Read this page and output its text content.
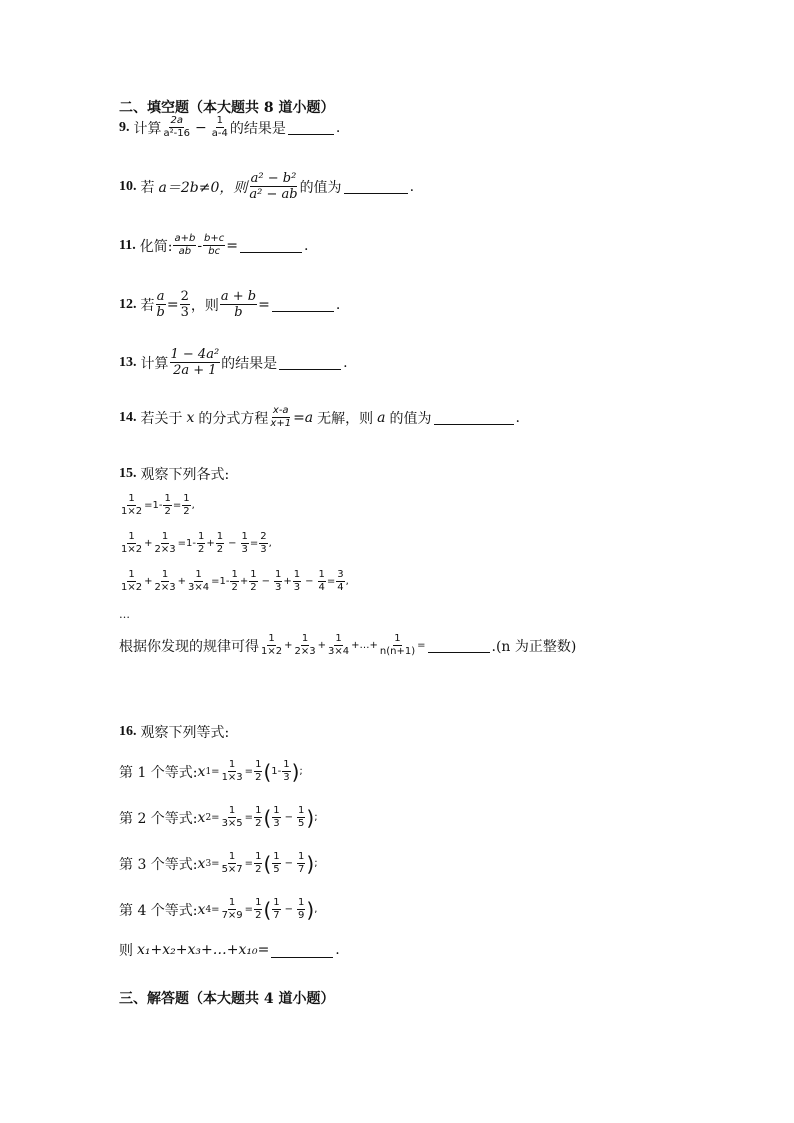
二、填空题（本大题共 8 道小题）
9. 计算 2a
$a^2-16 - \frac{1}{a-4}$ 的结果是	.
10. 若 a＝2b≠0，则
a² − b²
a² − ab 的值为	.
11. 化简: a+b
ab - $\frac{b+c}{bc}$ =	.
12. 若 $\frac{a}{b} = \frac{2}{3}$ ，则 $\frac{a + b}{b}$ =	.
13. 计算
1 − 4a²
2a + 1 的结果是	.
14. 若关于 x 的分式方程 $\frac{x-a}{x+1} =a$ 无解，则 a 的值为	.
15. 观察下列各式:
$\frac{1}{1\times 2} =1- \frac{1}{2} = \frac{1}{2}$ ,
1
1×2
+ $\frac{1}{2\times 3} =1-$
1
2
+ $\frac{1}{2} - \frac{1}{3} = \frac{2}{3}$ ,
1
1×2
+ $\frac{1}{2\times 3} + \frac{1}{3\times 4} =1-$
1
2
+ $\frac{1}{2} - \frac{1}{3} + \frac{1}{3} - \frac{1}{4} = \frac{3}{4}$ ,
…
根据你发现的规律可得 1
1×2
+ $\frac{1}{2\times 3} + \frac{1}{3\times 4}$ +…+ $\frac{1}{n(n+1)}$ =	.(n 为正整数)
16. 观察下列等式:
第 1 个等式: x $1 = \frac{1}{1\times 3} = \frac{1}{2}$ ( 1 -
1
3 ) ;
第 2 个等式: x $2 = \frac{1}{3\times 5} = \frac{1}{2}$ ( 1
3
− $\frac{1}{5}$ ) ;
第 3 个等式: x $3 = \frac{1}{5\times 7} = \frac{1}{2}$ ( 1
5
− $\frac{1}{7}$ ) ;
第 4 个等式: x $4 = \frac{1}{7\times 9} = \frac{1}{2}$ ( 1
7
− $\frac{1}{9}$ ) ,
则 x₁+x₂+x₃+…+x₁₀=	.
三、解答题（本大题共 4 道小题）
